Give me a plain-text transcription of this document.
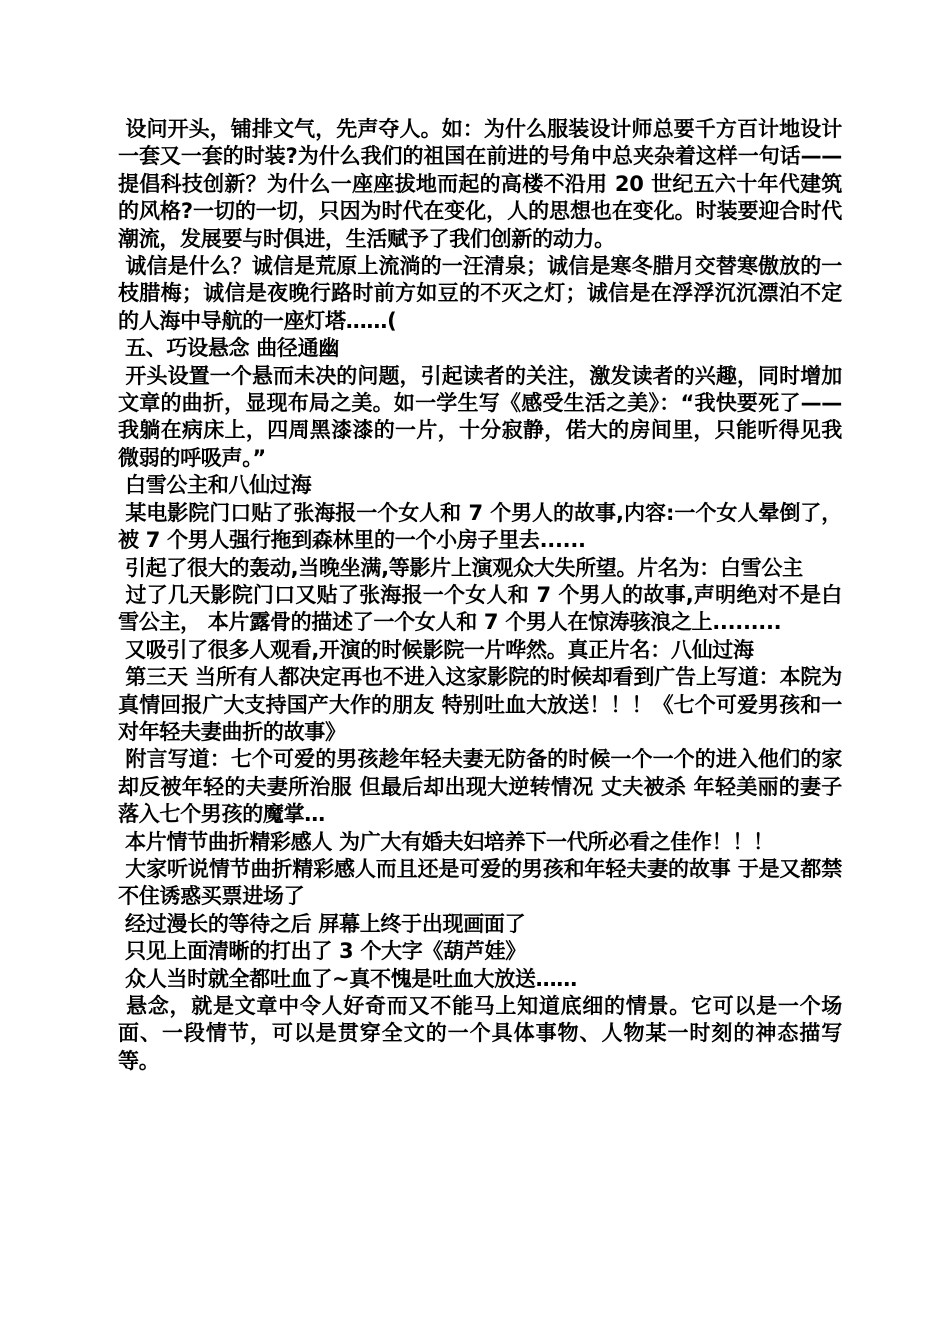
设问开头，铺排文气，先声夺人。如：为什么服装设计师总要千方百计地设计一套又一套的时装?为什么我们的祖国在前进的号角中总夹杂着这样一句话——提倡科技创新？为什么一座座拔地而起的高楼不沿用 20 世纪五六十年代建筑的风格?一切的一切，只因为时代在变化，人的思想也在变化。时装要迎合时代潮流，发展要与时俱进，生活赋予了我们创新的动力。

诚信是什么？诚信是荒原上流淌的一汪清泉；诚信是寒冬腊月交替寒傲放的一枝腊梅；诚信是夜晚行路时前方如豆的不灭之灯；诚信是在浮浮沉沉漂泊不定的人海中导航的一座灯塔……(

五、巧设悬念 曲径通幽

开头设置一个悬而未决的问题，引起读者的关注，激发读者的兴趣，同时增加文章的曲折，显现布局之美。如一学生写《感受生活之美》：“我快要死了——我躺在病床上，四周黑漆漆的一片，十分寂静，偌大的房间里，只能听得见我微弱的呼吸声。”

白雪公主和八仙过海

某电影院门口贴了张海报一个女人和 7 个男人的故事,内容:一个女人晕倒了，被 7 个男人强行拖到森林里的一个小房子里去......

引起了很大的轰动,当晚坐满,等影片上演观众大失所望。片名为：白雪公主

过了几天影院门口又贴了张海报一个女人和 7 个男人的故事,声明绝对不是白雪公主， 本片露骨的描述了一个女人和 7 个男人在惊涛骇浪之上.........

又吸引了很多人观看,开演的时候影院一片哗然。真正片名：八仙过海

第三天 当所有人都决定再也不进入这家影院的时候却看到广告上写道：本院为真情回报广大支持国产大作的朋友 特别吐血大放送！！！《七个可爱男孩和一对年轻夫妻曲折的故事》

附言写道：七个可爱的男孩趁年轻夫妻无防备的时候一个一个的进入他们的家 却反被年轻的夫妻所治服 但最后却出现大逆转情况 丈夫被杀 年轻美丽的妻子落入七个男孩的魔掌…

本片情节曲折精彩感人 为广大有婚夫妇培养下一代所必看之佳作！！！

大家听说情节曲折精彩感人而且还是可爱的男孩和年轻夫妻的故事 于是又都禁不住诱惑买票进场了

经过漫长的等待之后 屏幕上终于出现画面了

只见上面清晰的打出了 3 个大字《葫芦娃》

众人当时就全都吐血了~真不愧是吐血大放送……

悬念，就是文章中令人好奇而又不能马上知道底细的情景。它可以是一个场面、一段情节，可以是贯穿全文的一个具体事物、人物某一时刻的神态描写等。
